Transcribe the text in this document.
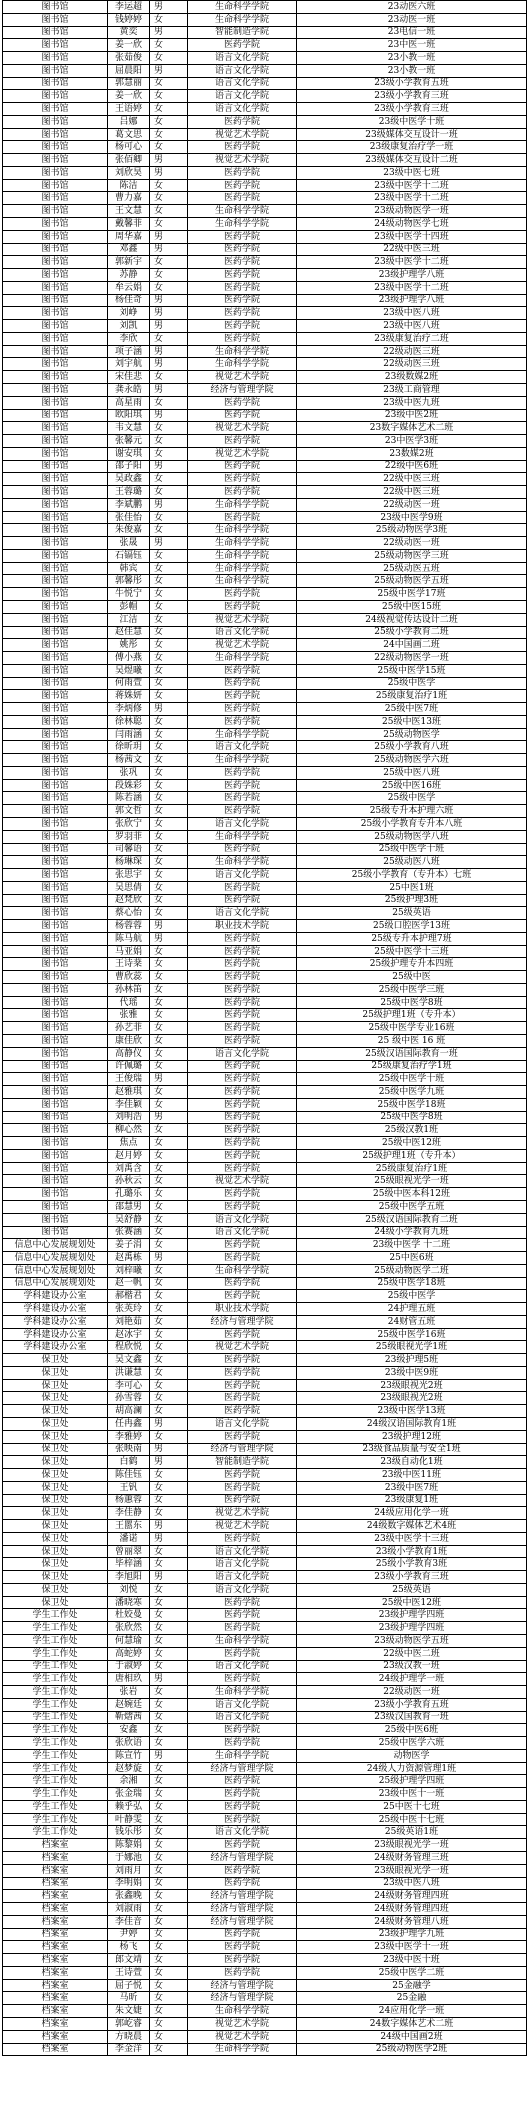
图书馆	李运超	男	生命科学学院	23动医六班
图书馆	钱婷婷	女	生命科学学院	23动医一班
图书馆	黄奕	男	智能制造学院	23电信一班
图书馆	姜一欣	女	医药学院	23中医一班
图书馆	张茹俊	女	语言文化学院	23小教一班
图书馆	屈晨阳	男	语言文化学院	23小教一班
图书馆	郭慧丽	女	语言文化学院	23级小学教育五班
图书馆	姜一欣	女	语言文化学院	23级小学教育三班
图书馆	王语婷	女	语言文化学院	23级小学教育三班
图书馆	吕娜	女	医药学院	23级中医学十班
图书馆	葛文思	女	视觉艺术学院	23级媒体交互设计一班
图书馆	杨可心	女	医药学院	23级康复治疗学一班
图书馆	张佰卿	男	视觉艺术学院	23级媒体交互设计二班
图书馆	刘欣昊	男	医药学院	23级中医七班
图书馆	陈洁	女	医药学院	23级中医学十二班
图书馆	曹力嘉	女	医药学院	23级中医学十二班
图书馆	王文慧	女	生命科学学院	23级动物医学一班
图书馆	戴馨菲	女	生命科学学院	24级动物医学七班
图书馆	周华嘉	男	医药学院	23级中医学十四班
图书馆	邓鑫	男	医药学院	22级中医三班
图书馆	郭新宇	女	医药学院	23级中医学十二班
图书馆	苏静	女	医药学院	23级护理学八班
图书馆	牟云娟	女	医药学院	23级中医学十二班
图书馆	杨佳奇	男	医药学院	23级护理学八班
图书馆	刘峥	男	医药学院	23级中医八班
图书馆	刘凯	男	医药学院	23级中医八班
图书馆	李欣	女	医药学院	23级康复治疗二班
图书馆	项子涵	男	生命科学学院	22级动医三班
图书馆	刘宇航	男	生命科学学院	22级动医三班
图书馆	宋佳悲	女	视觉艺术学院	23级数媒2班
图书馆	龚永皓	男	经济与管理学院	23级工商管理
图书馆	高星雨	女	医药学院	23级中医九班
图书馆	欧阳琪	男	医药学院	23级中医2班
图书馆	韦文慧	女	视觉艺术学院	23数字媒体艺术二班
图书馆	张馨元	女	医药学院	23中医学3班
图书馆	谢安琪	女	视觉艺术学院	23数媒2班
图书馆	邵子阳	男	医药学院	22级中医6班
图书馆	吴政鑫	女	医药学院	22级中医三班
图书馆	王蓉璐	女	医药学院	22级中医三班
图书馆	李斌鹏	男	生命科学学院	22级动医一班
图书馆	张佳怡	女	医药学院	23级中医学9班
图书馆	朱俊嘉	女	生命科学学院	25级动物医学3班
图书馆	张晟	男	生命科学学院	22级动医一班
图书馆	石镉钰	女	生命科学学院	25级动物医学三班
图书馆	韩宾	女	生命科学学院	25级动医五班
图书馆	郭馨彤	女	生命科学学院	25级动物医学五班
图书馆	牛悦宁	女	医药学院	25级中医学17班
图书馆	彭帽	女	医药学院	25级中医15班
图书馆	江洁	女	视觉艺术学院	24级视觉传达设计二班
图书馆	赵佳慧	女	语言文化学院	25级小学教育二班
图书馆	姚彤	女	视觉艺术学院	24中国画二班
图书馆	傅小燕	女	生命科学学院	22级动物医学一班
图书馆	吴煜曦	女	医药学院	25级中医学15班
图书馆	何雨萱	女	医药学院	25级中医学
图书馆	蒋姝妍	女	医药学院	25级康复治疗1班
图书馆	李炳修	男	医药学院	25级中医7班
图书馆	徐林聪	女	医药学院	25级中医13班
图书馆	闫雨涵	女	生命科学学院	25级动物医学
图书馆	徐昕玥	女	语言文化学院	25级小学教育八班
图书馆	杨茜文	女	生命科学学院	25级动物医学六班
图书馆	张巩	女	医药学院	25级中医八班
图书馆	段姝彩	女	医药学院	25级中医16班
图书馆	陈若涵	女	医药学院	25级中医学
图书馆	郭文哲	女	医药学院	25级专升本护理六班
图书馆	张欣宁	女	语言文化学院	25级小学教育专升本八班
图书馆	罗羽菲	女	生命科学学院	25级动物医学八班
图书馆	司馨语	女	医药学院	25级中医学十班
图书馆	杨琳琛	女	生命科学学院	25级动医八班
图书馆	张思宇	女	语言文化学院	25级小学教育（专升本）七班
图书馆	吴思倩	女	医药学院	25中医1班
图书馆	赵梵欣	女	医药学院	25级护理3班
图书馆	蔡心怡	女	语言文化学院	25级英语
图书馆	杨蓉蓉	男	职业技术学院	25级口腔医学13班
图书馆	陈马航	男	医药学院	25级专升本护理7班
图书馆	马亚娟	女	医药学院	25级中医学十三班
图书馆	王诗棻	女	医药学院	25级护理专升本四班
图书馆	曹欣蕊	女	医药学院	25级中医
图书馆	孙林笛	女	医药学院	25级中医学三班
图书馆	代瑶	女	医药学院	25级中医学8班
图书馆	张雅	女	医药学院	25级护理1班（专升本）
图书馆	孙艺菲	女	医药学院	25级中医学专业16班
图书馆	康佳欣	女	医药学院	25 级中医 16 班
图书馆	高静仪	女	语言文化学院	25级汉语国际教育一班
图书馆	许佩璐	女	医药学院	25级康复治疗学1班
图书馆	王俊瑞	男	医药学院	25级中医学十班
图书馆	赵雅琪	女	医药学院	25级中医学九班
图书馆	李佳颖	女	医药学院	25级中医学18班
图书馆	刘明浩	男	医药学院	25级中医学8班
图书馆	柳心然	女	医药学院	25级汉教1班
图书馆	焦点	女	医药学院	25级中医12班
图书馆	赵月婷	女	医药学院	25级护理1班（专升本）
图书馆	刘禹含	女	医药学院	25级康复治疗1班
图书馆	孙秋云	女	视觉艺术学院	25级眼视光学一班
图书馆	孔璐乐	女	医药学院	25级中医本科12班
图书馆	邵慧男	女	医药学院	25级中医学五班
图书馆	吴舒静	女	语言文化学院	25级汉语国际教育二班
图书馆	张赛涵	女	语言文化学院	24级小学教育九班
信息中心发展规划处	姜子涓	女	医药学院	23级中医学 十二班
信息中心发展规划处	赵禹栋	男	医药学院	25中医6班
信息中心发展规划处	刘梓曦	女	生命科学学院	25级动物医学二班
信息中心发展规划处	赵一帆	女	医药学院	25级中医学18班
学科建设办公室	郝楷君	女	医药学院	25级中医学
学科建设办公室	张英玲	女	职业技术学院	24护理五班
学科建设办公室	刘艳茹	女	经济与管理学院	24财管五班
学科建设办公室	赵冰宇	女	医药学院	25级中医学16班
学科建设办公室	程欣悦	女	视觉艺术学院	25级眼视光学1班
保卫处	吴文鑫	女	医药学院	23级护理5班
保卫处	洪谦慧	女	医药学院	23级中医9班
保卫处	李可心	女	医药学院	23级眼视光2班
保卫处	孙雪蓉	女	医药学院	23级眼视光2班
保卫处	胡高澜	女	医药学院	23级中医学13班
保卫处	任冉鑫	男	语言文化学院	24级汉语国际教育1班
保卫处	李雅婷	女	医药学院	23级护理12班
保卫处	张映南	男	经济与管理学院	23级食品质量与安全1班
保卫处	白鹤	男	智能制造学院	23级自动化1班
保卫处	陈佳钰	女	医药学院	23级中医11班
保卫处	王钒	女	医药学院	23级中医7班
保卫处	杨蕙蓉	女	医药学院	23级康复1班
保卫处	李佳静	女	视觉艺术学院	24级应用化学一班
保卫处	王嚚东	男	视觉艺术学院	24级数字媒体艺术4班
保卫处	潘诺	男	医药学院	23级中医学十三班
保卫处	曾丽翠	女	语言文化学院	23级小学教育1班
保卫处	毕梓涵	女	语言文化学院	25级小学教育3班
保卫处	李旭阳	男	语言文化学院	23级小学教育三班
保卫处	刘悦	女	语言文化学院	25级英语
保卫处	潘晓寒	女	医药学院	25级中医12班
学生工作处	杜姣曼	女	医药学院	23级护理学四班
学生工作处	张欣然	女	医药学院	23级护理学四班
学生工作处	何慧瑜	女	生命科学学院	23级动物医学五班
学生工作处	高蛇婷	女	医药学院	22级中医二班
学生工作处	于淑婷	女	语言文化学院	23级汉教一班
学生工作处	唐相玖	男	医药学院	24级护理学一班
学生工作处	张岩	女	生命科学学院	22级动医一班
学生工作处	赵婉廷	女	语言文化学院	23级小学教育五班
学生工作处	靳熠茜	女	语言文化学院	23级汉国教育一班
学生工作处	安鑫	女	医药学院	25级中医6班
学生工作处	张欣语	女	医药学院	25级中医学六班
学生工作处	陈宣竹	男	生命科学学院	动物医学
学生工作处	赵梦旋	女	经济与管理学院	24级人力资源管理1班
学生工作处	余湘	女	医药学院	25级护理学四班
学生工作处	张金瑞	女	医药学院	23级中医十一班
学生工作处	赖乎弘	女	医药学院	25中医十七班
学生工作处	叶静雯	女	医药学院	25级中医十七班
学生工作处	钱乐彤	女	语言文化学院	25级英语1班
档案室	陈黎娟	女	医药学院	23级眼视光学一班
档案室	于娜池	女	经济与管理学院	24级财务管理三班
档案室	刘雨月	女	医药学院	23级眼视光学一班
档案室	李明娟	女	医药学院	23级中医八班
档案室	张鑫晚	女	经济与管理学院	24级财务管理四班
档案室	刘淑雨	女	经济与管理学院	24级财务管理四班
档案室	李佳音	女	经济与管理学院	24级财务管理八班
档案室	尹婷	女	医药学院	23级护理学九班
档案室	杨飞	女	医药学院	23级中医学十一班
档案室	郎文靖	女	医药学院	23级中医十班
档案室	王诗萱	女	医药学院	25级中医学二班
档案室	屈子悦	女	经济与管理学院	25金融学
档案室	马昕	女	经济与管理学院	25金融
档案室	朱文婕	女	生命科学学院	24应用化学一班
档案室	郭屹睿	女	视觉艺术学院	24数字媒体艺术二班
档案室	方晓晨	女	视觉艺术学院	24级中国画2班
档案室	李金洋	女	生命科学学院	25级动物医学2班
